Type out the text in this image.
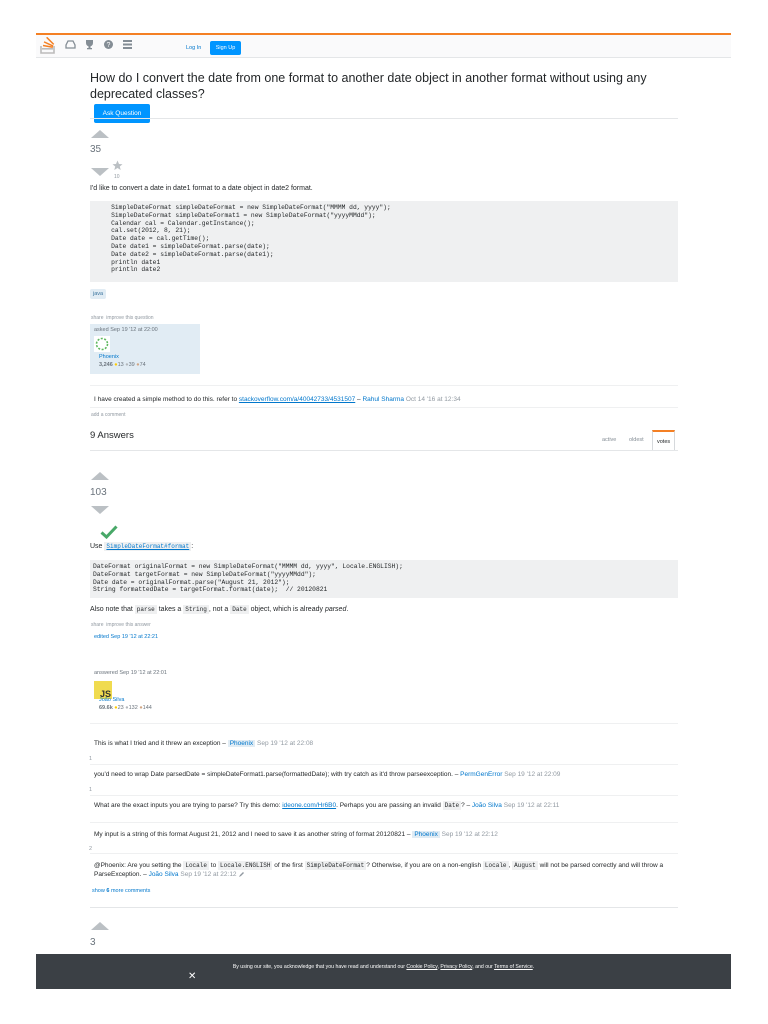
?	Log In	Sign Up
How do I convert the date from one format to another date object in another format without using any deprecated classes?
Ask Question
35
10
I'd like to convert a date in date1 format to a date object in date2 format.
SimpleDateFormat simpleDateFormat = new SimpleDateFormat("MMMM dd, yyyy");
SimpleDateFormat simpleDateFormat1 = new SimpleDateFormat("yyyyMMdd");
Calendar cal = Calendar.getInstance();
cal.set(2012, 8, 21);
Date date = cal.getTime();
Date date1 = simpleDateFormat.parse(date);
Date date2 = simpleDateFormat.parse(date1);
println date1
println date2
java
share improve this question
asked Sep 19 '12 at 22:00
Phoenix
3,246 ●13 ●39 ●74
I have created a simple method to do this. refer to stackoverflow.com/a/40042733/4531507 – Rahul Sharma Oct 14 '16 at 12:34
add a comment
9 Answers	active oldest	votes
103
Use SimpleDateFormat#format :
DateFormat originalFormat = new SimpleDateFormat("MMMM dd, yyyy", Locale.ENGLISH);
DateFormat targetFormat = new SimpleDateFormat("yyyyMMdd");
Date date = originalFormat.parse("August 21, 2012");
String formattedDate = targetFormat.format(date);  // 20120821
Also note that parse takes a String , not a Date object, which is already parsed.
share improve this answer
edited Sep 19 '12 at 22:21
answered Sep 19 '12 at 22:01
JS
João Silva
69.6k ●23 ●132 ●144
This is what I tried and it threw an exception – Phoenix Sep 19 '12 at 22:08
1
you'd need to wrap Date parsedDate = simpleDateFormat1.parse(formattedDate); with try catch as it'd throw parseexception. – PermGenError Sep 19 '12 at 22:09
1
What are the exact inputs you are trying to parse? Try this demo: ideone.com/Hr6B0. Perhaps you are passing an invalid Date ? – João Silva Sep 19 '12 at 22:11
My input is a string of this format August 21, 2012 and I need to save it as another string of format 20120821 – Phoenix Sep 19 '12 at 22:12
2
@Phoenix: Are you setting the Locale to Locale.ENGLISH of the first SimpleDateFormat ? Otherwise, if you are on a non-english Locale , August will not be parsed correctly and will throw a ParseException. – João Silva Sep 19 '12 at 22:12
show 6 more comments
3
By using our site, you acknowledge that you have read and understand our Cookie Policy, Privacy Policy, and our Terms of Service.
✕
